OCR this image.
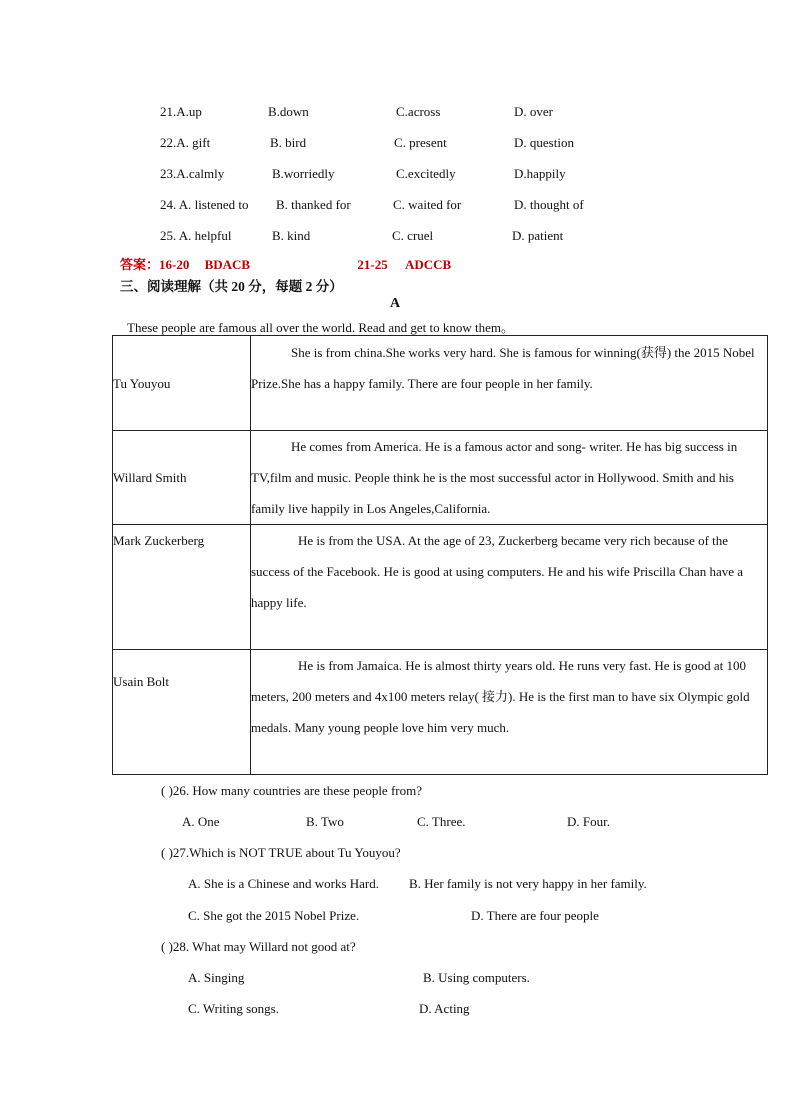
21.A.up	B.down	C.across	D. over
22.A. gift	B. bird	C. present	D. question
23.A.calmly	B.worriedly	C.excitedly	D.happily
24. A. listened to B. thanked for	C. waited for	D. thought of
25. A. helpful	B. kind	C. cruel	D. patient
答案：16-20 BDACB	21-25 ADCCB
三、阅读理解（共 20 分，每题 2 分）
A
These people are famous all over the world. Read and get to know them。
Tu Youyou	She is from china.She works very hard. She is famous for winning(获得) the 2015 Nobel Prize.She has a happy family. There are four people in her family.
Willard Smith	He comes from America. He is a famous actor and song- writer. He has big success in TV,film and music. People think he is the most successful actor in Hollywood. Smith and his family live happily in Los Angeles,California.
Mark Zuckerberg	He is from the USA. At the age of 23, Zuckerberg became very rich because of the success of the Facebook. He is good at using computers. He and his wife Priscilla Chan have a happy life.
Usain Bolt	He is from Jamaica. He is almost thirty years old. He runs very fast. He is good at 100 meters, 200 meters and 4x100 meters relay( 接力). He is the first man to have six Olympic gold medals. Many young people love him very much.
( )26. How many countries are these people from?
A. One	B. Two	C. Three.	D. Four.
( )27.Which is NOT TRUE about Tu Youyou?
A. She is a Chinese and works Hard. B. Her family is not very happy in her family.
C. She got the 2015 Nobel Prize.	D. There are four people
( )28. What may Willard not good at?
A. Singing	B. Using computers.
C. Writing songs.	D. Acting
